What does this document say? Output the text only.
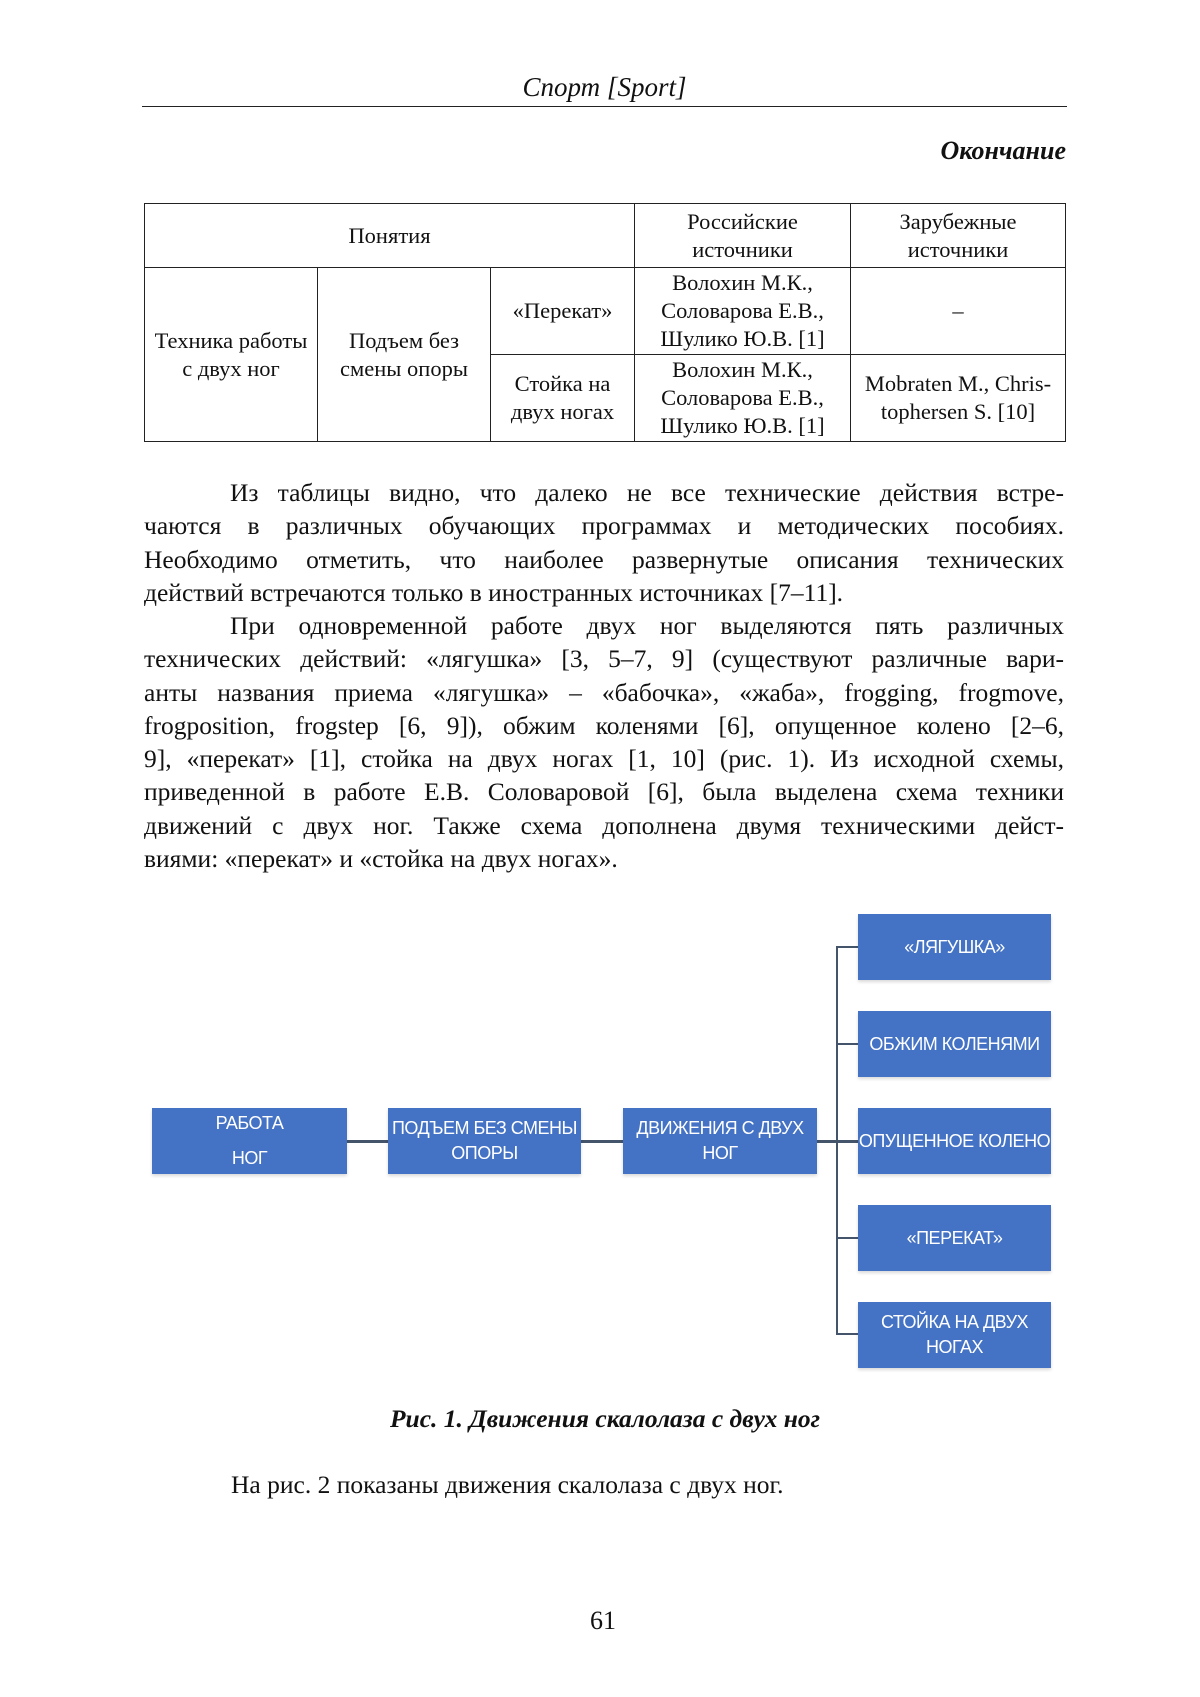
Спорт [Sport]
Окончание
Понятия	Российские источники	Зарубежные источники
Техника работы с двух ног	Подъем без смены опоры	«Перекат»	Волохин М.К., Соловарова Е.В., Шулико Ю.В. [1]	–
Стойка на двух ногах	Волохин М.К., Соловарова Е.В., Шулико Ю.В. [1]	Mobraten M., Chris-tophersen S. [10]
Из таблицы видно, что далеко не все технические действия встре-
чаются в различных обучающих программах и методических пособиях.
Необходимо отметить, что наиболее развернутые описания технических
действий встречаются только в иностранных источниках [7–11].
При одновременной работе двух ног выделяются пять различных
технических действий: «лягушка» [3, 5–7, 9] (существуют различные вари-
анты названия приема «лягушка» – «бабочка», «жаба», frogging, frogmove,
frogposition, frogstep [6, 9]), обжим коленями [6], опущенное колено [2–6,
9], «перекат» [1], стойка на двух ногах [1, 10] (рис. 1). Из исходной схемы,
приведенной в работе Е.В. Соловаровой [6], была выделена схема техники
движений с двух ног. Также схема дополнена двумя техническими дейст-
виями: «перекат» и «стойка на двух ногах».
РАБОТА
НОГ
ПОДЪЕМ БЕЗ СМЕНЫ
ОПОРЫ
ДВИЖЕНИЯ С ДВУХ
НОГ
«ЛЯГУШКА»
ОБЖИМ КОЛЕНЯМИ
ОПУЩЕННОЕ КОЛЕНО
«ПЕРЕКАТ»
СТОЙКА НА ДВУХ
НОГАХ
Рис. 1. Движения скалолаза с двух ног
На рис. 2 показаны движения скалолаза с двух ног.
61
